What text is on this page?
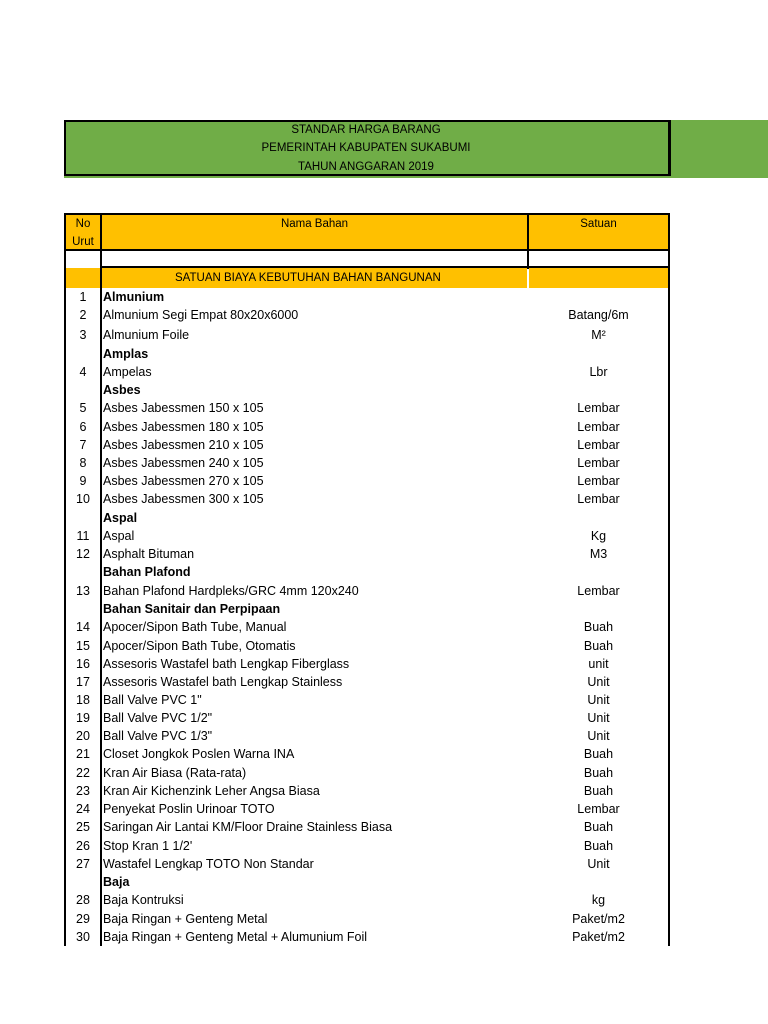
STANDAR HARGA BARANG
PEMERINTAH KABUPATEN SUKABUMI
TAHUN ANGGARAN 2019
No
Urut
Nama Bahan	Satuan
SATUAN BIAYA KEBUTUHAN BAHAN BANGUNAN
1	Almunium
2	Almunium Segi Empat 80x20x6000	Batang/6m
3	Almunium Foile	M²
Amplas
4	Ampelas	Lbr
Asbes
5	Asbes Jabessmen 150 x 105	Lembar
6	Asbes Jabessmen 180 x 105	Lembar
7	Asbes Jabessmen 210 x 105	Lembar
8	Asbes Jabessmen 240 x 105	Lembar
9	Asbes Jabessmen 270 x 105	Lembar
10	Asbes Jabessmen 300 x 105	Lembar
Aspal
11	Aspal	Kg
12	Asphalt Bituman	M3
Bahan Plafond
13	Bahan Plafond Hardpleks/GRC 4mm 120x240	Lembar
Bahan Sanitair dan Perpipaan
14	Apocer/Sipon Bath Tube, Manual	Buah
15	Apocer/Sipon Bath Tube, Otomatis	Buah
16	Assesoris Wastafel bath Lengkap Fiberglass	unit
17	Assesoris Wastafel bath Lengkap Stainless	Unit
18	Ball Valve PVC 1"	Unit
19	Ball Valve PVC 1/2"	Unit
20	Ball Valve PVC 1/3"	Unit
21	Closet Jongkok Poslen Warna INA	Buah
22	Kran Air Biasa (Rata-rata)	Buah
23	Kran Air Kichenzink Leher Angsa Biasa	Buah
24	Penyekat Poslin Urinoar TOTO	Lembar
25	Saringan Air Lantai KM/Floor Draine Stainless Biasa	Buah
26	Stop Kran 1 1/2'	Buah
27	Wastafel Lengkap TOTO Non Standar	Unit
Baja
28	Baja Kontruksi	kg
29	Baja Ringan + Genteng Metal	Paket/m2
30	Baja Ringan + Genteng Metal + Alumunium Foil	Paket/m2
